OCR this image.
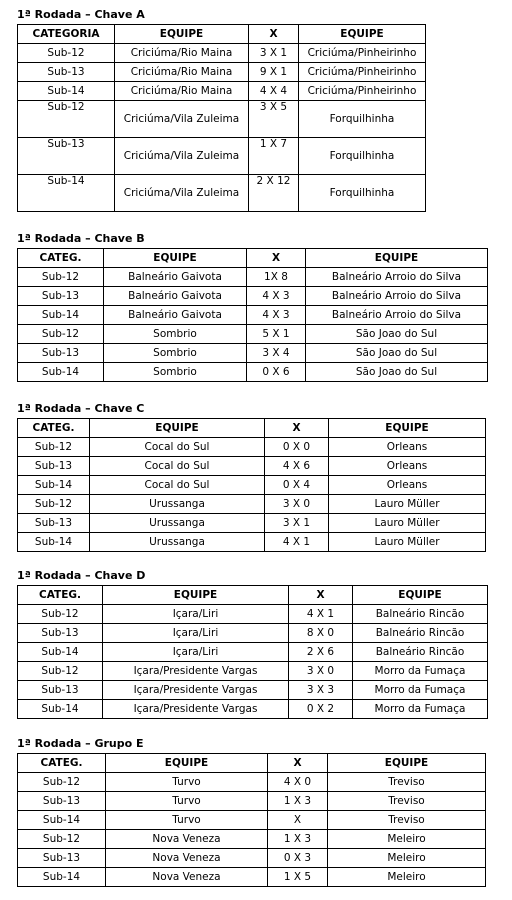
1ª Rodada – Chave A
CATEGORIA	EQUIPE	X	EQUIPE
Sub-12	Criciúma/Rio Maina	3 X 1	Criciúma/Pinheirinho
Sub-13	Criciúma/Rio Maina	9 X 1	Criciúma/Pinheirinho
Sub-14	Criciúma/Rio Maina	4 X 4	Criciúma/Pinheirinho
Sub-12	Criciúma/Vila Zuleima	3 X 5	Forquilhinha
Sub-13	Criciúma/Vila Zuleima	1 X 7	Forquilhinha
Sub-14	Criciúma/Vila Zuleima	2 X 12	Forquilhinha
1ª Rodada – Chave B
CATEG.	EQUIPE	X	EQUIPE
Sub-12	Balneário Gaivota	1X 8	Balneário Arroio do Silva
Sub-13	Balneário Gaivota	4 X 3	Balneário Arroio do Silva
Sub-14	Balneário Gaivota	4 X 3	Balneário Arroio do Silva
Sub-12	Sombrio	5 X 1	São Joao do Sul
Sub-13	Sombrio	3 X 4	São Joao do Sul
Sub-14	Sombrio	0 X 6	São Joao do Sul
1ª Rodada – Chave C
CATEG.	EQUIPE	X	EQUIPE
Sub-12	Cocal do Sul	0 X 0	Orleans
Sub-13	Cocal do Sul	4 X 6	Orleans
Sub-14	Cocal do Sul	0 X 4	Orleans
Sub-12	Urussanga	3 X 0	Lauro Müller
Sub-13	Urussanga	3 X 1	Lauro Müller
Sub-14	Urussanga	4 X 1	Lauro Müller
1ª Rodada – Chave D
CATEG.	EQUIPE	X	EQUIPE
Sub-12	Içara/Liri	4 X 1	Balneário Rincão
Sub-13	Içara/Liri	8 X 0	Balneário Rincão
Sub-14	Içara/Liri	2 X 6	Balneário Rincão
Sub-12	Içara/Presidente Vargas	3 X 0	Morro da Fumaça
Sub-13	Içara/Presidente Vargas	3 X 3	Morro da Fumaça
Sub-14	Içara/Presidente Vargas	0 X 2	Morro da Fumaça
1ª Rodada – Grupo E
CATEG.	EQUIPE	X	EQUIPE
Sub-12	Turvo	4 X 0	Treviso
Sub-13	Turvo	1 X 3	Treviso
Sub-14	Turvo	X	Treviso
Sub-12	Nova Veneza	1 X 3	Meleiro
Sub-13	Nova Veneza	0 X 3	Meleiro
Sub-14	Nova Veneza	1 X 5	Meleiro
